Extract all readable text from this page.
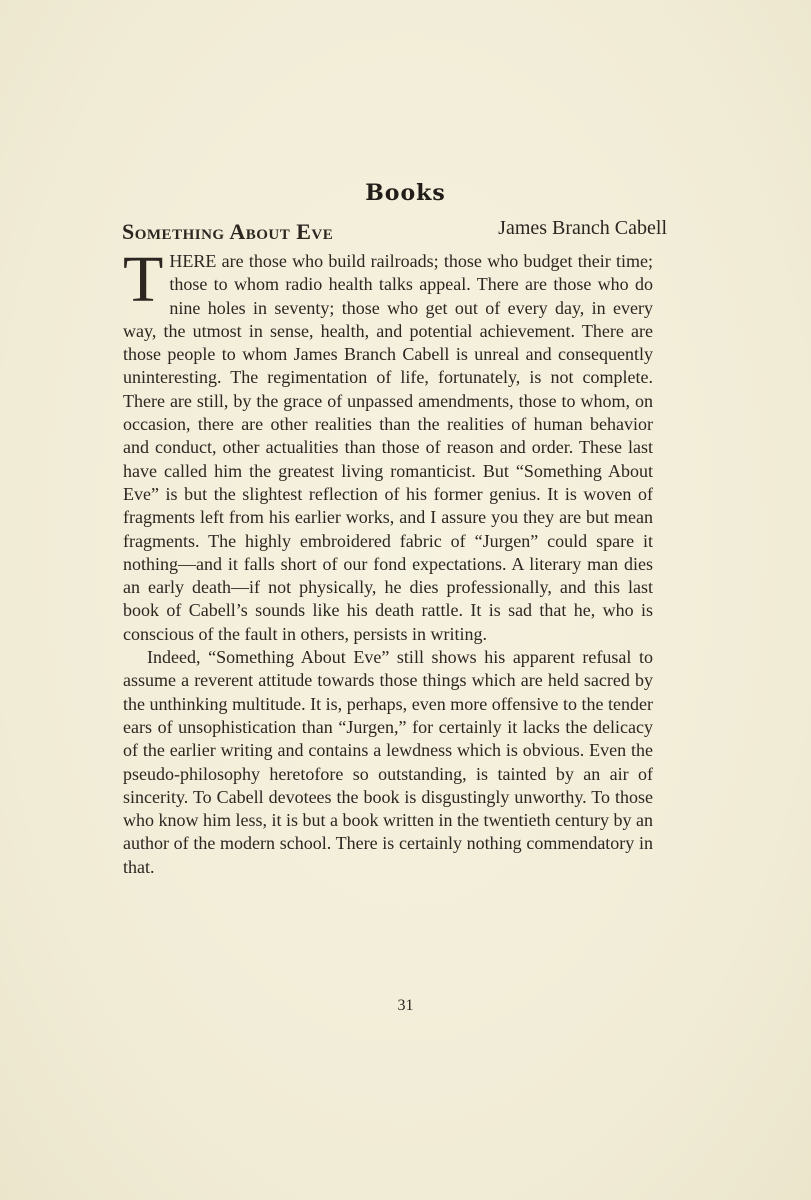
Books
Something About Eve	James Branch Cabell

THERE are those who build railroads; those who budget their time; those to whom radio health talks appeal. There are those who do nine holes in seventy; those who get out of every day, in every way, the utmost in sense, health, and potential achievement. There are those people to whom James Branch Cabell is unreal and consequently uninteresting. The regimentation of life, fortunately, is not complete. There are still, by the grace of unpassed amendments, those to whom, on occasion, there are other realities than the realities of human behavior and conduct, other actualities than those of reason and order. These last have called him the greatest living romanticist. But “Something About Eve” is but the slightest reflection of his former genius. It is woven of fragments left from his earlier works, and I assure you they are but mean fragments. The highly embroidered fabric of “Jurgen” could spare it nothing—and it falls short of our fond expectations. A literary man dies an early death—if not physically, he dies professionally, and this last book of Cabell’s sounds like his death rattle. It is sad that he, who is conscious of the fault in others, persists in writing.

Indeed, “Something About Eve” still shows his apparent refusal to assume a reverent attitude towards those things which are held sacred by the unthinking multitude. It is, perhaps, even more offensive to the tender ears of unsophistication than “Jurgen,” for certainly it lacks the delicacy of the earlier writing and contains a lewdness which is obvious. Even the pseudo-philosophy heretofore so outstanding, is tainted by an air of sincerity. To Cabell devotees the book is disgustingly unworthy. To those who know him less, it is but a book written in the twentieth century by an author of the modern school. There is certainly nothing commendatory in that.

31
